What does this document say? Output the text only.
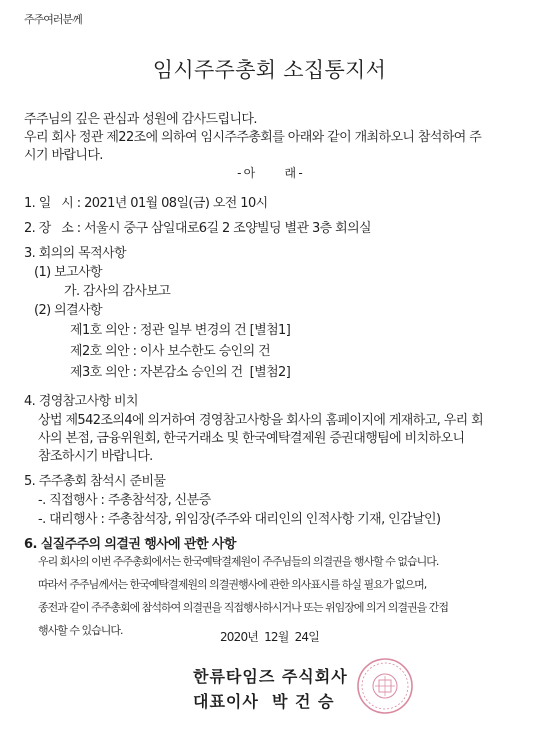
주주여러분께
임시주주총회 소집통지서
주주님의 깊은 관심과 성원에 감사드립니다.
우리 회사 정관 제22조에 의하여 임시주주총회를 아래와 같이 개최하오니 참석하여 주
시기 바랍니다.
- 아          래 -
1. 일   시 : 2021년 01월 08일(금) 오전 10시
2. 장   소 : 서울시 중구 삼일대로6길 2 조양빌딩 별관 3층 회의실
3. 회의의 목적사항
(1) 보고사항
가. 감사의 감사보고
(2) 의결사항
제1호 의안 : 정관 일부 변경의 건 [별첨1]
제2호 의안 : 이사 보수한도 승인의 건
제3호 의안 : 자본감소 승인의 건  [별첨2]
4. 경영참고사항 비치
상법 제542조의4에 의거하여 경영참고사항을 회사의 홈페이지에 게재하고, 우리 회
사의 본점, 금융위원회, 한국거래소 및 한국예탁결제원 증권대행팀에 비치하오니
참조하시기 바랍니다.
5. 주주총회 참석시 준비물
-. 직접행사 : 주총참석장, 신분증
-. 대리행사 : 주총참석장, 위임장(주주와 대리인의 인적사항 기재, 인감날인)
6. 실질주주의 의결권 행사에 관한 사항
우리 회사의 이번 주주총회에서는 한국예탁결제원이 주주님들의 의결권을 행사할 수 없습니다.
따라서 주주님께서는 한국예탁결제원의 의결권행사에 관한 의사표시를 하실 필요가 없으며,
종전과 같이 주주총회에 참석하여 의결권을 직접행사하시거나 또는 위임장에 의거 의결권을 간접
행사할 수 있습니다.	2020년  12월  24일
한류타임즈 주식회사
대표이사  박 건 승
